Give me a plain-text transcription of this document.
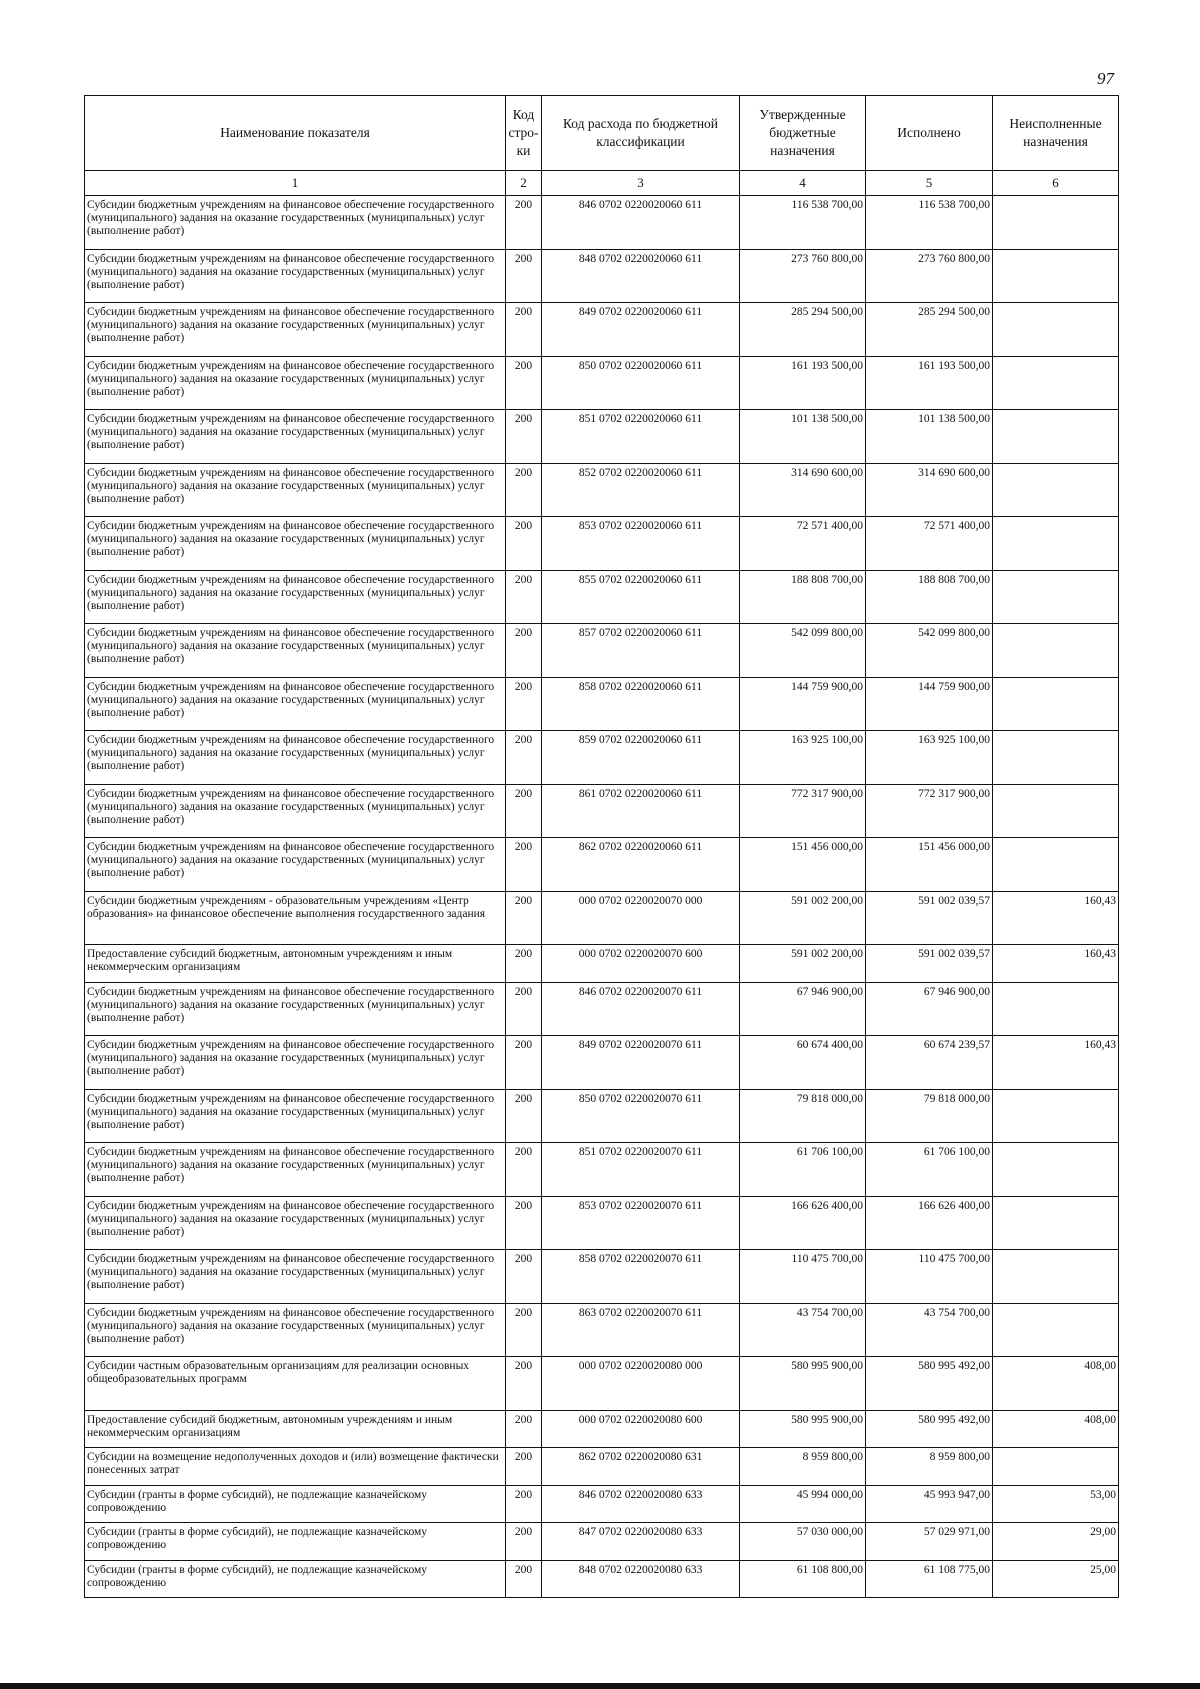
97
Наименование показателя	Код стро-ки	Код расхода по бюджетной классификации	Утвержденные бюджетные назначения	Исполнено	Неисполненные назначения
1	2	3	4	5	6
Субсидии бюджетным учреждениям на финансовое обеспечение государственного (муниципального) задания на оказание государственных (муниципальных) услуг (выполнение работ)	200	846 0702 0220020060 611	116 538 700,00	116 538 700,00	
Субсидии бюджетным учреждениям на финансовое обеспечение государственного (муниципального) задания на оказание государственных (муниципальных) услуг (выполнение работ)	200	848 0702 0220020060 611	273 760 800,00	273 760 800,00	
Субсидии бюджетным учреждениям на финансовое обеспечение государственного (муниципального) задания на оказание государственных (муниципальных) услуг (выполнение работ)	200	849 0702 0220020060 611	285 294 500,00	285 294 500,00	
Субсидии бюджетным учреждениям на финансовое обеспечение государственного (муниципального) задания на оказание государственных (муниципальных) услуг (выполнение работ)	200	850 0702 0220020060 611	161 193 500,00	161 193 500,00	
Субсидии бюджетным учреждениям на финансовое обеспечение государственного (муниципального) задания на оказание государственных (муниципальных) услуг (выполнение работ)	200	851 0702 0220020060 611	101 138 500,00	101 138 500,00	
Субсидии бюджетным учреждениям на финансовое обеспечение государственного (муниципального) задания на оказание государственных (муниципальных) услуг (выполнение работ)	200	852 0702 0220020060 611	314 690 600,00	314 690 600,00	
Субсидии бюджетным учреждениям на финансовое обеспечение государственного (муниципального) задания на оказание государственных (муниципальных) услуг (выполнение работ)	200	853 0702 0220020060 611	72 571 400,00	72 571 400,00	
Субсидии бюджетным учреждениям на финансовое обеспечение государственного (муниципального) задания на оказание государственных (муниципальных) услуг (выполнение работ)	200	855 0702 0220020060 611	188 808 700,00	188 808 700,00	
Субсидии бюджетным учреждениям на финансовое обеспечение государственного (муниципального) задания на оказание государственных (муниципальных) услуг (выполнение работ)	200	857 0702 0220020060 611	542 099 800,00	542 099 800,00	
Субсидии бюджетным учреждениям на финансовое обеспечение государственного (муниципального) задания на оказание государственных (муниципальных) услуг (выполнение работ)	200	858 0702 0220020060 611	144 759 900,00	144 759 900,00	
Субсидии бюджетным учреждениям на финансовое обеспечение государственного (муниципального) задания на оказание государственных (муниципальных) услуг (выполнение работ)	200	859 0702 0220020060 611	163 925 100,00	163 925 100,00	
Субсидии бюджетным учреждениям на финансовое обеспечение государственного (муниципального) задания на оказание государственных (муниципальных) услуг (выполнение работ)	200	861 0702 0220020060 611	772 317 900,00	772 317 900,00	
Субсидии бюджетным учреждениям на финансовое обеспечение государственного (муниципального) задания на оказание государственных (муниципальных) услуг (выполнение работ)	200	862 0702 0220020060 611	151 456 000,00	151 456 000,00	
Субсидии бюджетным учреждениям - образовательным учреждениям «Центр образования» на финансовое обеспечение выполнения государственного задания	200	000 0702 0220020070 000	591 002 200,00	591 002 039,57	160,43
Предоставление субсидий бюджетным, автономным учреждениям и иным некоммерческим организациям	200	000 0702 0220020070 600	591 002 200,00	591 002 039,57	160,43
Субсидии бюджетным учреждениям на финансовое обеспечение государственного (муниципального) задания на оказание государственных (муниципальных) услуг (выполнение работ)	200	846 0702 0220020070 611	67 946 900,00	67 946 900,00	
Субсидии бюджетным учреждениям на финансовое обеспечение государственного (муниципального) задания на оказание государственных (муниципальных) услуг (выполнение работ)	200	849 0702 0220020070 611	60 674 400,00	60 674 239,57	160,43
Субсидии бюджетным учреждениям на финансовое обеспечение государственного (муниципального) задания на оказание государственных (муниципальных) услуг (выполнение работ)	200	850 0702 0220020070 611	79 818 000,00	79 818 000,00	
Субсидии бюджетным учреждениям на финансовое обеспечение государственного (муниципального) задания на оказание государственных (муниципальных) услуг (выполнение работ)	200	851 0702 0220020070 611	61 706 100,00	61 706 100,00	
Субсидии бюджетным учреждениям на финансовое обеспечение государственного (муниципального) задания на оказание государственных (муниципальных) услуг (выполнение работ)	200	853 0702 0220020070 611	166 626 400,00	166 626 400,00	
Субсидии бюджетным учреждениям на финансовое обеспечение государственного (муниципального) задания на оказание государственных (муниципальных) услуг (выполнение работ)	200	858 0702 0220020070 611	110 475 700,00	110 475 700,00	
Субсидии бюджетным учреждениям на финансовое обеспечение государственного (муниципального) задания на оказание государственных (муниципальных) услуг (выполнение работ)	200	863 0702 0220020070 611	43 754 700,00	43 754 700,00	
Субсидии частным образовательным организациям для реализации основных общеобразовательных программ	200	000 0702 0220020080 000	580 995 900,00	580 995 492,00	408,00
Предоставление субсидий бюджетным, автономным учреждениям и иным некоммерческим организациям	200	000 0702 0220020080 600	580 995 900,00	580 995 492,00	408,00
Субсидии на возмещение недополученных доходов и (или) возмещение фактически понесенных затрат	200	862 0702 0220020080 631	8 959 800,00	8 959 800,00	
Субсидии (гранты в форме субсидий), не подлежащие казначейскому сопровождению	200	846 0702 0220020080 633	45 994 000,00	45 993 947,00	53,00
Субсидии (гранты в форме субсидий), не подлежащие казначейскому сопровождению	200	847 0702 0220020080 633	57 030 000,00	57 029 971,00	29,00
Субсидии (гранты в форме субсидий), не подлежащие казначейскому сопровождению	200	848 0702 0220020080 633	61 108 800,00	61 108 775,00	25,00
